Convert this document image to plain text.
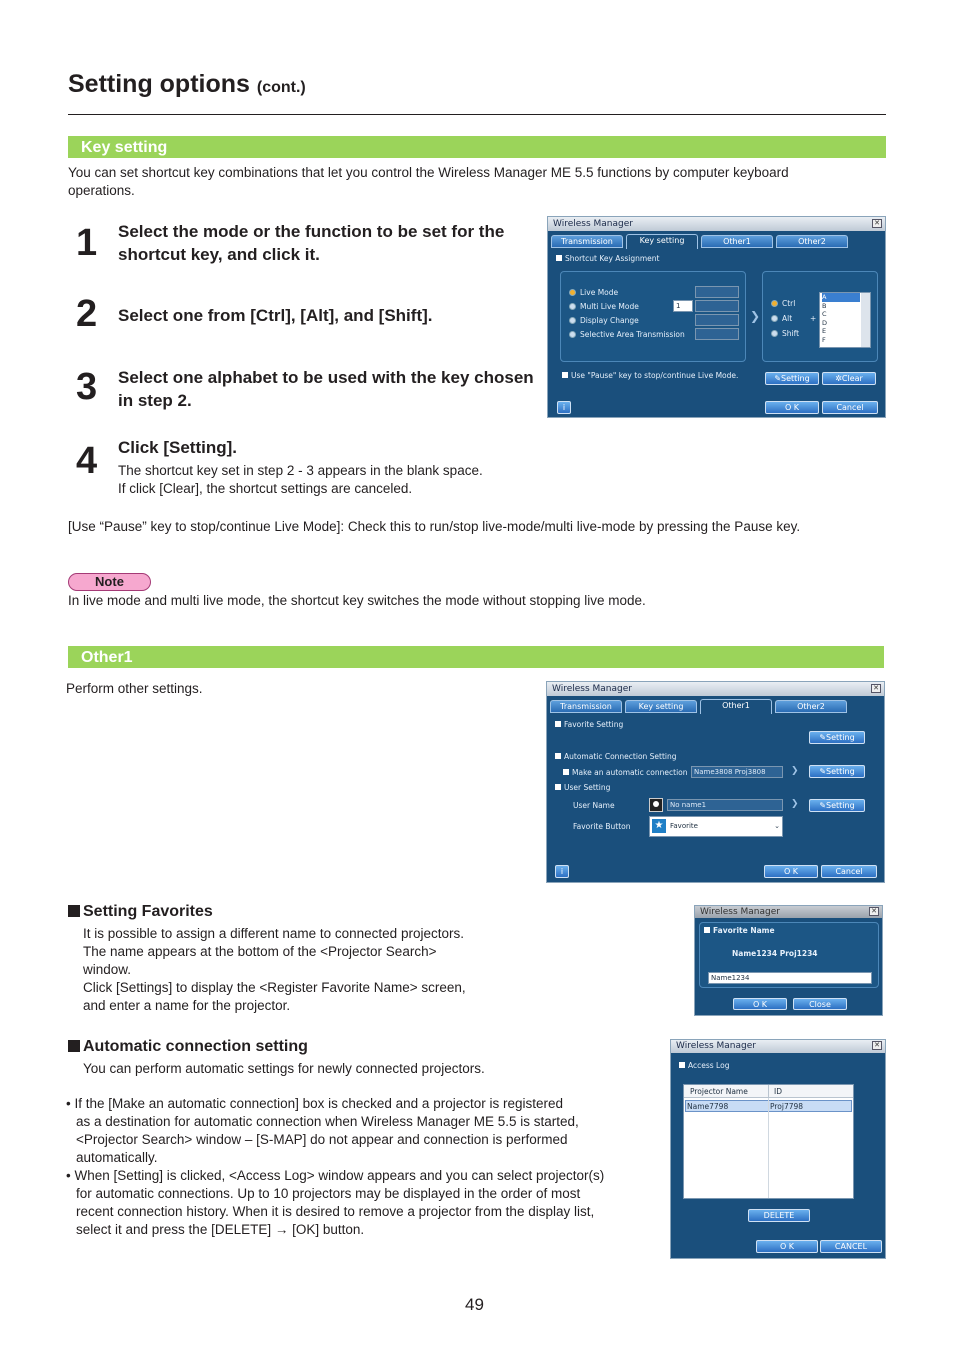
Setting options (cont.)
Key setting
You can set shortcut key combinations that let you control the Wireless Manager ME 5.5 functions by computer keyboard operations.
1	Select the mode or the function to be set for the shortcut key, and click it.
2	Select one from [Ctrl], [Alt], and [Shift].
3	Select one alphabet to be used with the key chosen in step 2.
4	Click [Setting].
The shortcut key set in step 2 - 3 appears in the blank space.
If click [Clear], the shortcut settings are canceled.
[Use “Pause” key to stop/continue Live Mode]: Check this to run/stop live-mode/multi live-mode by pressing the Pause key.
Note
In live mode and multi live mode, the shortcut key switches the mode without stopping live mode.
Wireless Manager	✕
Transmission	Key setting	Other1	Other2
Shortcut Key Assignment
Live Mode
Multi Live Mode
Display Change
Selective Area Transmission
1
❯
Ctrl
Alt
Shift
+
A
B
C
D
E
F
Use "Pause" key to stop/continue Live Mode.	✎Setting	✲Clear
i	O K	Cancel
Other1
Perform other settings.	Wireless Manager	✕
Transmission	Key setting	Other1	Other2
Favorite Setting
✎Setting
Automatic Connection Setting
Make an automatic connection Name3808 Proj3808	❯	✎Setting
User Setting
User Name	No name1	❯	✎Setting
Favorite Button ★ Favorite	⌄
i	O K	Cancel
Setting Favorites
It is possible to assign a different name to connected projectors.
The name appears at the bottom of the <Projector Search>
window.
Click [Settings] to display the <Register Favorite Name> screen,
and enter a name for the projector.
Wireless Manager	✕
Favorite Name
Name1234 Proj1234
Name1234
O K	Close
Automatic connection setting
You can perform automatic settings for newly connected projectors.
• If the [Make an automatic connection] box is checked and a projector is registered
as a destination for automatic connection when Wireless Manager ME 5.5 is started,
<Projector Search> window – [S-MAP] do not appear and connection is performed
automatically.
• When [Setting] is clicked, <Access Log> window appears and you can select projector(s)
for automatic connections. Up to 10 projectors may be displayed in the order of most
recent connection history. When it is desired to remove a projector from the display list,
select it and press the [DELETE] → [OK] button.
Wireless Manager	✕
Access Log
Projector Name	ID
Name7798	Proj7798
DELETE
O K	CANCEL
49
